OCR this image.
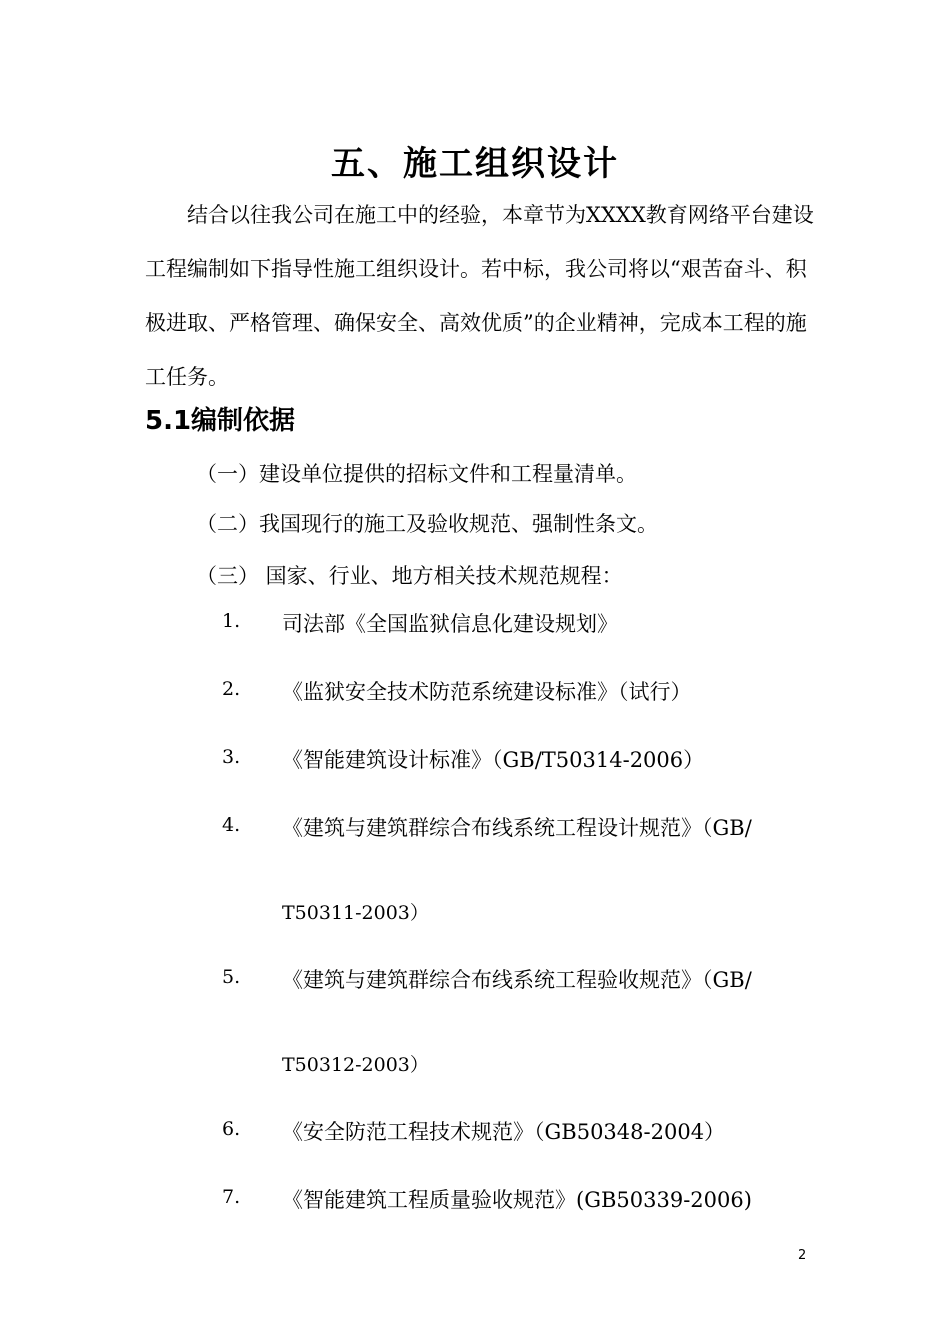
五、施工组织设计
结合以往我公司在施工中的经验，本章节为XXXX教育网络平台建设工程编制如下指导性施工组织设计。若中标，我公司将以“艰苦奋斗、积极进取、严格管理、确保安全、高效优质”的企业精神，完成本工程的施工任务。
5.1编制依据
（一）建设单位提供的招标文件和工程量清单。
（二）我国现行的施工及验收规范、强制性条文。
（三） 国家、行业、地方相关技术规范规程：
1. 司法部《全国监狱信息化建设规划》
2. 《监狱安全技术防范系统建设标准》（试行）
3. 《智能建筑设计标准》（GB/T50314-2006）
4. 《建筑与建筑群综合布线系统工程设计规范》（GB/
T50311-2003）
5. 《建筑与建筑群综合布线系统工程验收规范》（GB/
T50312-2003）
6. 《安全防范工程技术规范》（GB50348-2004）
7. 《智能建筑工程质量验收规范》(GB50339-2006)
2
